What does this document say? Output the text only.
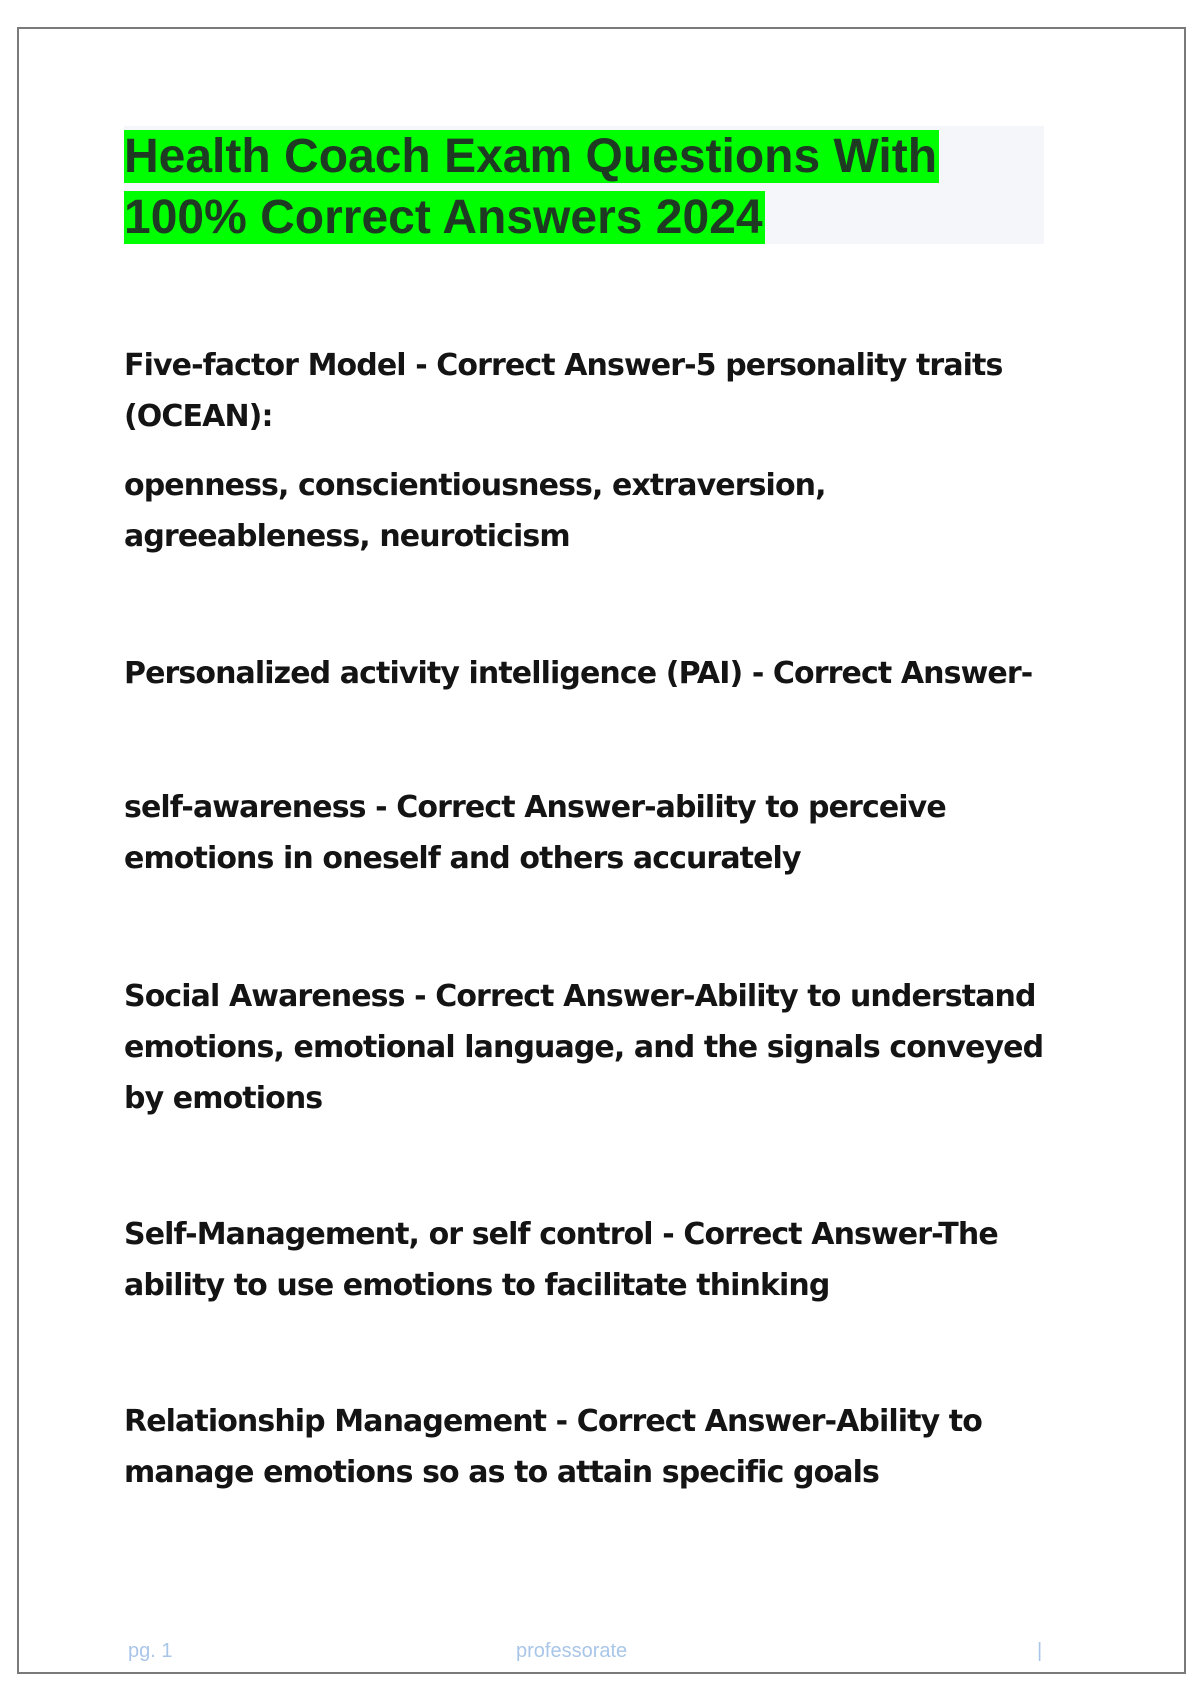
Health Coach Exam Questions With
100% Correct Answers 2024

Five-factor Model - Correct Answer-5 personality traits (OCEAN):

openness, conscientiousness, extraversion, agreeableness, neuroticism

Personalized activity intelligence (PAI) - Correct Answer-

self-awareness - Correct Answer-ability to perceive emotions in oneself and others accurately

Social Awareness - Correct Answer-Ability to understand emotions, emotional language, and the signals conveyed by emotions

Self-Management, or self control - Correct Answer-The ability to use emotions to facilitate thinking

Relationship Management - Correct Answer-Ability to manage emotions so as to attain specific goals

pg. 1	professorate	|
